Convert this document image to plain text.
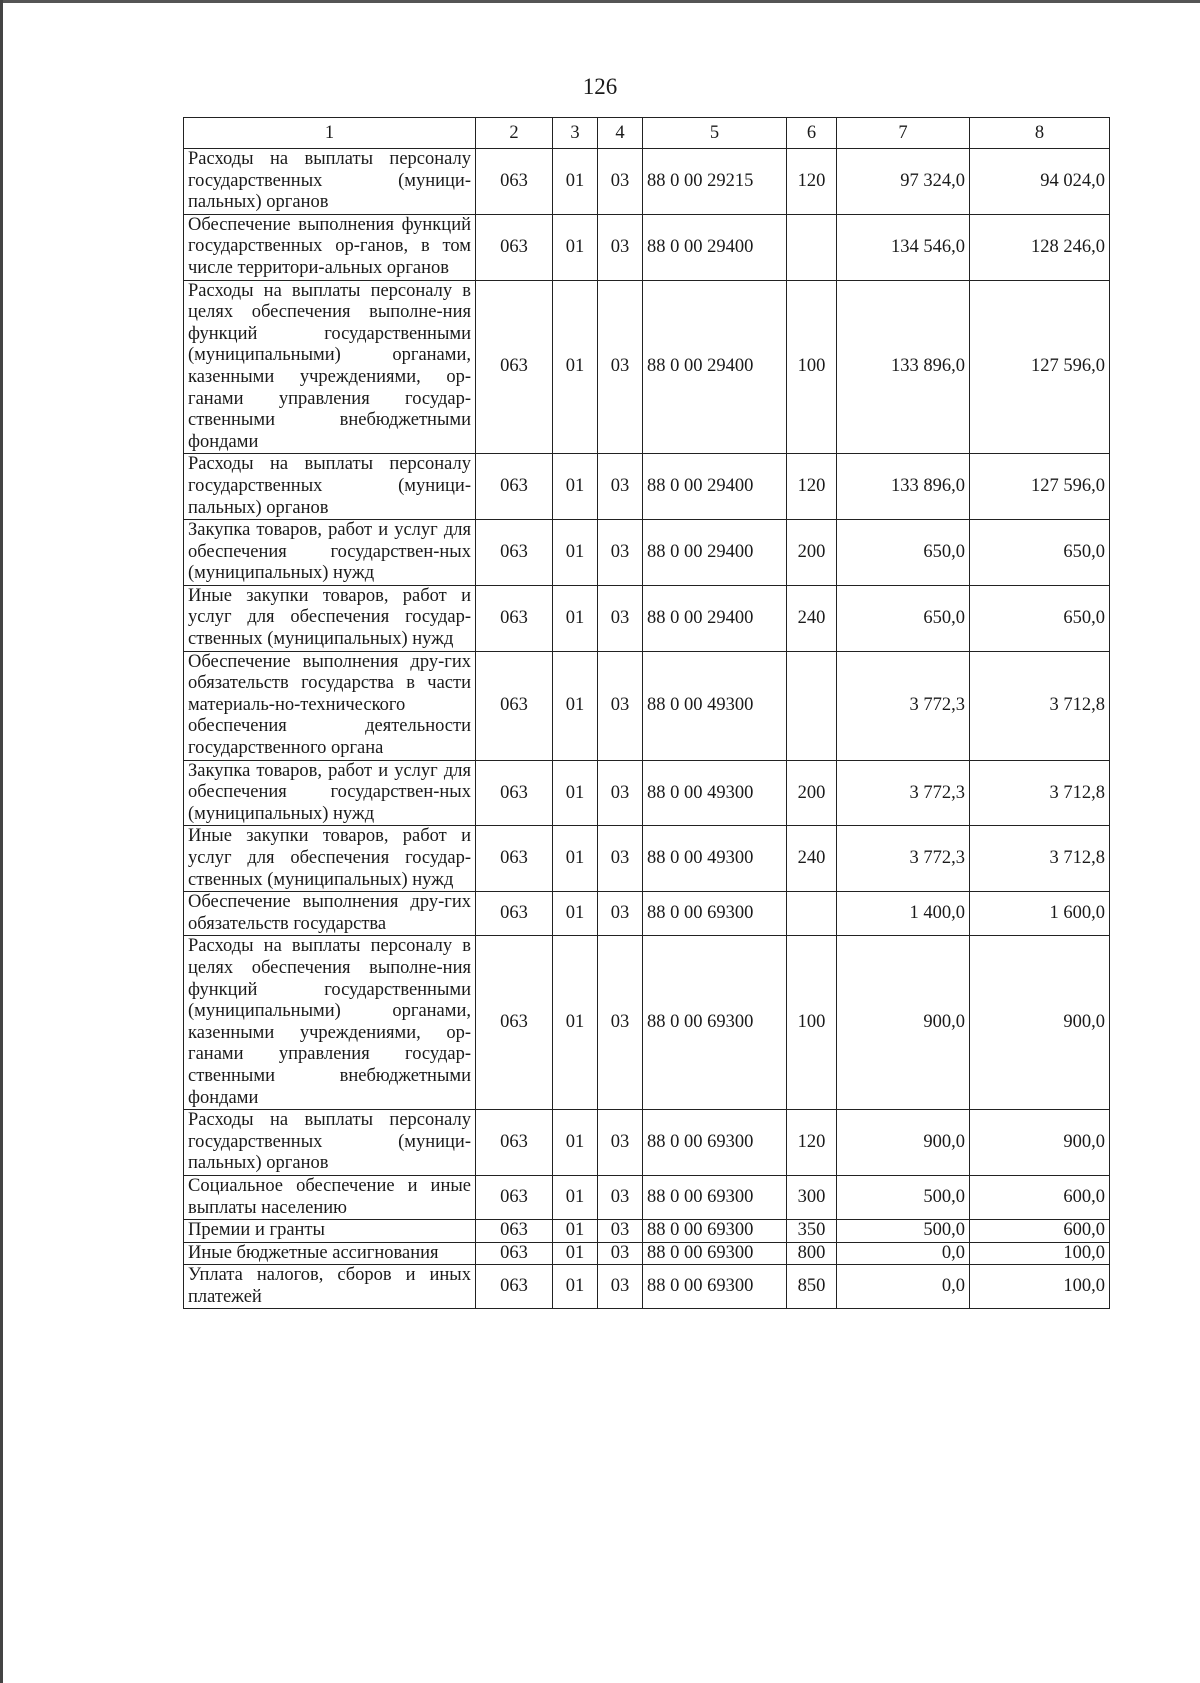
126
1	2	3	4	5	6	7	8
Расходы на выплаты персоналу государственных (муници-пальных) органов	063	01	03	88 0 00 29215	120	97 324,0	94 024,0
Обеспечение выполнения функций государственных ор-ганов, в том числе территори-альных органов	063	01	03	88 0 00 29400		134 546,0	128 246,0
Расходы на выплаты персоналу в целях обеспечения выполне-ния функций государственными (муниципальными) органами, казенными учреждениями, ор-ганами управления государ-ственными внебюджетными фондами	063	01	03	88 0 00 29400	100	133 896,0	127 596,0
Расходы на выплаты персоналу государственных (муници-пальных) органов	063	01	03	88 0 00 29400	120	133 896,0	127 596,0
Закупка товаров, работ и услуг для обеспечения государствен-ных (муниципальных) нужд	063	01	03	88 0 00 29400	200	650,0	650,0
Иные закупки товаров, работ и услуг для обеспечения государ-ственных (муниципальных) нужд	063	01	03	88 0 00 29400	240	650,0	650,0
Обеспечение выполнения дру-гих обязательств государства в части материаль-но-технического обеспечения деятельности государственного органа	063	01	03	88 0 00 49300		3 772,3	3 712,8
Закупка товаров, работ и услуг для обеспечения государствен-ных (муниципальных) нужд	063	01	03	88 0 00 49300	200	3 772,3	3 712,8
Иные закупки товаров, работ и услуг для обеспечения государ-ственных (муниципальных) нужд	063	01	03	88 0 00 49300	240	3 772,3	3 712,8
Обеспечение выполнения дру-гих обязательств государства	063	01	03	88 0 00 69300		1 400,0	1 600,0
Расходы на выплаты персоналу в целях обеспечения выполне-ния функций государственными (муниципальными) органами, казенными учреждениями, ор-ганами управления государ-ственными внебюджетными фондами	063	01	03	88 0 00 69300	100	900,0	900,0
Расходы на выплаты персоналу государственных (муници-пальных) органов	063	01	03	88 0 00 69300	120	900,0	900,0
Социальное обеспечение и иные выплаты населению	063	01	03	88 0 00 69300	300	500,0	600,0
Премии и гранты	063	01	03	88 0 00 69300	350	500,0	600,0
Иные бюджетные ассигнования	063	01	03	88 0 00 69300	800	0,0	100,0
Уплата налогов, сборов и иных платежей	063	01	03	88 0 00 69300	850	0,0	100,0
